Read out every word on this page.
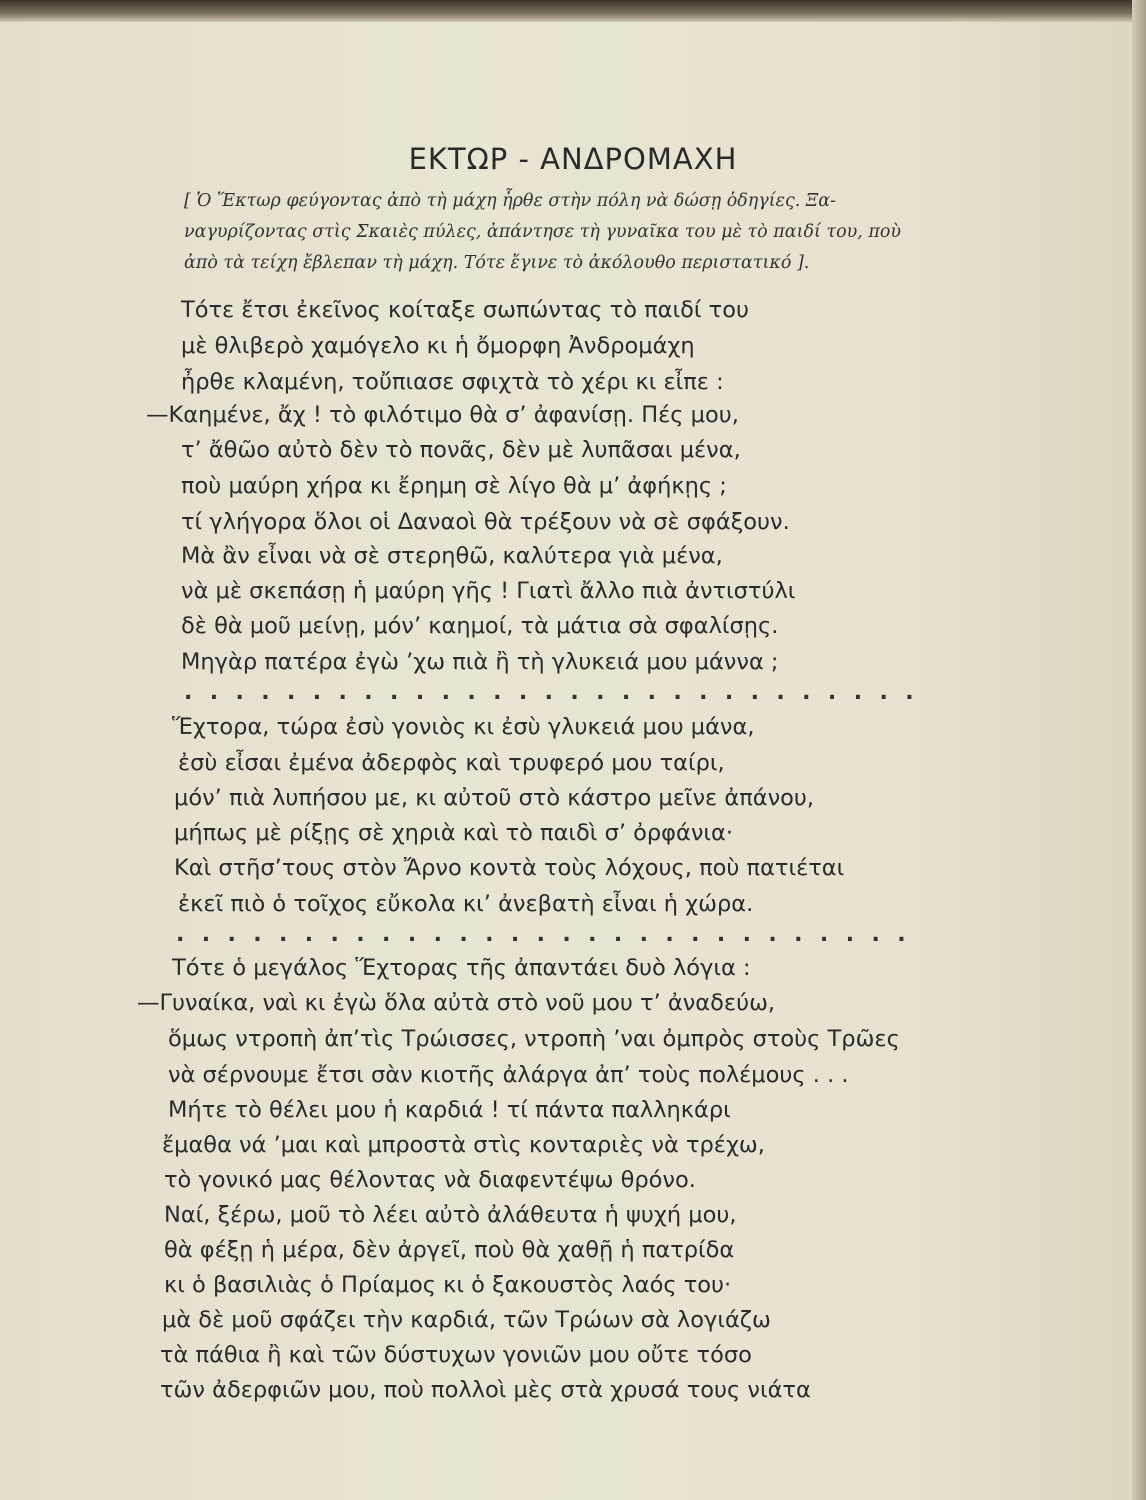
ΕΚΤΩΡ - ΑΝΔΡΟΜΑΧΗ
[ Ὁ Ἕκτωρ φεύγοντας ἀπὸ τὴ μάχη ἦρθε στὴν πόλη νὰ δώσῃ ὁδηγίες. Ξα-
ναγυρίζοντας στὶς Σκαιὲς πύλες, ἀπάντησε τὴ γυναῖκα του μὲ τὸ παιδί του, ποὺ
ἀπὸ τὰ τείχη ἔβλεπαν τὴ μάχη. Τότε ἔγινε τὸ ἀκόλουθο περιστατικό ].
Τότε ἔτσι ἐκεῖνος κοίταξε σωπώντας τὸ παιδί του
μὲ θλιβερὸ χαμόγελο κι ἡ ὄμορφη Ἀνδρομάχη
ἦρθε κλαμένη, τοὔπιασε σφιχτὰ τὸ χέρι κι εἶπε :
—Καημένε, ἄχ ! τὸ φιλότιμο θὰ σ’ ἀφανίσῃ. Πές μου,
τ’ ἄθῶο αὐτὸ δὲν τὸ πονᾶς, δὲν μὲ λυπᾶσαι μένα,
ποὺ μαύρη χήρα κι ἔρημη σὲ λίγο θὰ μ’ ἀφήκῃς ;
τί γλήγορα ὅλοι οἱ Δαναοὶ θὰ τρέξουν νὰ σὲ σφάξουν.
Μὰ ἂν εἶναι νὰ σὲ στερηθῶ, καλύτερα γιὰ μένα,
νὰ μὲ σκεπάσῃ ἡ μαύρη γῆς ! Γιατὶ ἄλλο πιὰ ἀντιστύλι
δὲ θὰ μοῦ μείνῃ, μόν’ καημοί, τὰ μάτια σὰ σφαλίσῃς.
Μηγὰρ πατέρα ἐγὼ ’χω πιὰ ἢ τὴ γλυκειά μου μάννα ;
.............................
Ἕχτορα, τώρα ἐσὺ γονιὸς κι ἐσὺ γλυκειά μου μάνα,
ἐσὺ εἶσαι ἐμένα ἀδερφὸς καὶ τρυφερό μου ταίρι,
μόν’ πιὰ λυπήσου με, κι αὐτοῦ στὸ κάστρο μεῖνε ἀπάνου,
μήπως μὲ ρίξῃς σὲ χηριὰ καὶ τὸ παιδὶ σ’ ὀρφάνια·
Καὶ στῆσ’τους στὸν Ἄρνο κοντὰ τοὺς λόχους, ποὺ πατιέται
ἐκεῖ πιὸ ὁ τοῖχος εὔκολα κι’ ἀνεβατὴ εἶναι ἡ χώρα.
.............................
Τότε ὁ μεγάλος Ἕχτορας τῆς ἀπαντάει δυὸ λόγια :
—Γυναίκα, ναὶ κι ἐγὼ ὅλα αὐτὰ στὸ νοῦ μου τ’ ἀναδεύω,
ὅμως ντροπὴ ἀπ’τὶς Τρώισσες, ντροπὴ ’ναι ὀμπρὸς στοὺς Τρῶες
νὰ σέρνουμε ἔτσι σὰν κιοτῆς ἀλάργα ἀπ’ τοὺς πολέμους . . .
Μήτε τὸ θέλει μου ἡ καρδιά ! τί πάντα παλληκάρι
ἔμαθα νά ’μαι καὶ μπροστὰ στὶς κονταριὲς νὰ τρέχω,
τὸ γονικό μας θέλοντας νὰ διαφεντέψω θρόνο.
Ναί, ξέρω, μοῦ τὸ λέει αὐτὸ ἀλάθευτα ἡ ψυχή μου,
θὰ φέξῃ ἡ μέρα, δὲν ἀργεῖ, ποὺ θὰ χαθῇ ἡ πατρίδα
κι ὁ βασιλιὰς ὁ Πρίαμος κι ὁ ξακουστὸς λαός του·
μὰ δὲ μοῦ σφάζει τὴν καρδιά, τῶν Τρώων σὰ λογιάζω
τὰ πάθια ἢ καὶ τῶν δύστυχων γονιῶν μου οὔτε τόσο
τῶν ἀδερφιῶν μου, ποὺ πολλοὶ μὲς στὰ χρυσά τους νιάτα
